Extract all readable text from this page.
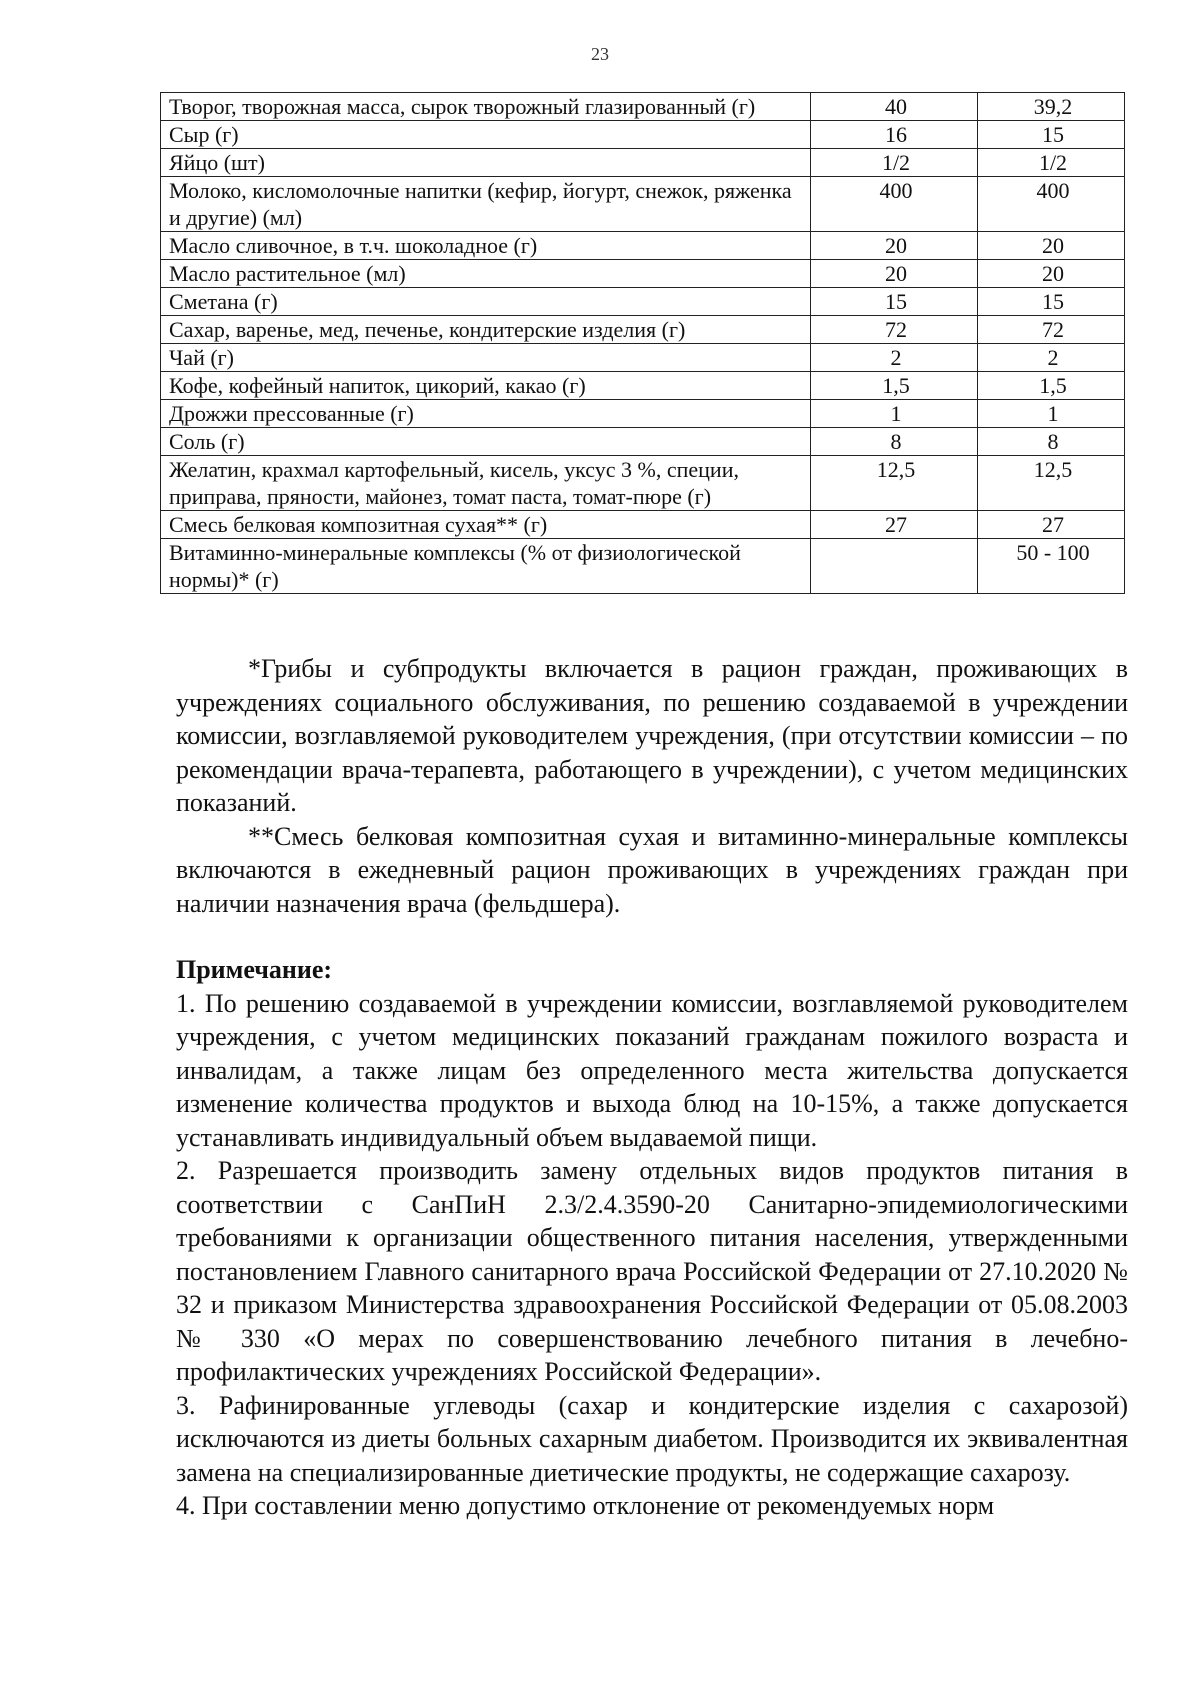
23
Творог, творожная масса, сырок творожный глазированный (г)	40	39,2
Сыр (г)	16	15
Яйцо (шт)	1/2	1/2
Молоко, кисломолочные напитки (кефир, йогурт, снежок, ряженка и другие) (мл)	400	400
Масло сливочное, в т.ч. шоколадное (г)	20	20
Масло растительное (мл)	20	20
Сметана (г)	15	15
Сахар, варенье, мед, печенье, кондитерские изделия (г)	72	72
Чай (г)	2	2
Кофе, кофейный напиток, цикорий, какао (г)	1,5	1,5
Дрожжи прессованные (г)	1	1
Соль (г)	8	8
Желатин, крахмал картофельный, кисель, уксус 3 %, специи, приправа, пряности, майонез, томат паста, томат-пюре (г)	12,5	12,5
Смесь белковая композитная сухая** (г)	27	27
Витаминно-минеральные комплексы (% от физиологической нормы)* (г)		50 - 100

*Грибы и субпродукты включается в рацион граждан, проживающих в учреждениях социального обслуживания, по решению создаваемой в учреждении комиссии, возглавляемой руководителем учреждения, (при отсутствии комиссии – по рекомендации врача-терапевта, работающего в учреждении), с учетом медицинских показаний.

**Смесь белковая композитная сухая и витаминно-минеральные комплексы включаются в ежедневный рацион проживающих в учреждениях граждан при наличии назначения врача (фельдшера).

Примечание:

1. По решению создаваемой в учреждении комиссии, возглавляемой руководителем учреждения, с учетом медицинских показаний гражданам пожилого возраста и инвалидам, а также лицам без определенного места жительства допускается изменение количества продуктов и выхода блюд на 10-15%, а также допускается устанавливать индивидуальный объем выдаваемой пищи.

2. Разрешается производить замену отдельных видов продуктов питания в соответствии с СанПиН 2.3/2.4.3590-20 Санитарно-эпидемиологическими требованиями к организации общественного питания населения, утвержденными постановлением Главного санитарного врача Российской Федерации от 27.10.2020 № 32 и приказом Министерства здравоохранения Российской Федерации от 05.08.2003 № 330 «О мерах по совершенствованию лечебного питания в лечебно-профилактических учреждениях Российской Федерации».

3. Рафинированные углеводы (сахар и кондитерские изделия с сахарозой) исключаются из диеты больных сахарным диабетом. Производится их эквивалентная замена на специализированные диетические продукты, не содержащие сахарозу.

4. При составлении меню допустимо отклонение от рекомендуемых норм
